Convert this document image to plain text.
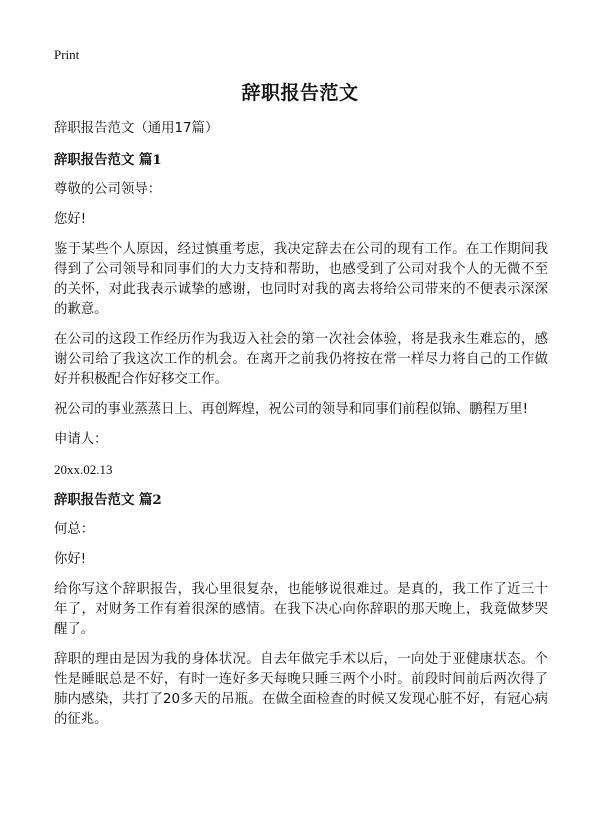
Print
辞职报告范文

辞职报告范文（通用17篇）

辞职报告范文 篇1

尊敬的公司领导：

您好!

鉴于某些个人原因，经过慎重考虑，我决定辞去在公司的现有工作。在工作期间我得到了公司领导和同事们的大力支持和帮助，也感受到了公司对我个人的无微不至的关怀，对此我表示诚挚的感谢，也同时对我的离去将给公司带来的不便表示深深的歉意。

在公司的这段工作经历作为我迈入社会的第一次社会体验，将是我永生难忘的，感谢公司给了我这次工作的机会。在离开之前我仍将按在常一样尽力将自己的工作做好并积极配合作好移交工作。

祝公司的事业蒸蒸日上、再创辉煌，祝公司的领导和同事们前程似锦、鹏程万里!

申请人：

20xx.02.13

辞职报告范文 篇2

何总：

你好!

给你写这个辞职报告，我心里很复杂，也能够说很难过。是真的，我工作了近三十年了，对财务工作有着很深的感情。在我下决心向你辞职的那天晚上，我竟做梦哭醒了。

辞职的理由是因为我的身体状况。自去年做完手术以后，一向处于亚健康状态。个性是睡眠总是不好，有时一连好多天每晚只睡三两个小时。前段时间前后两次得了肺内感染，共打了20多天的吊瓶。在做全面检查的时候又发现心脏不好，有冠心病的征兆。
